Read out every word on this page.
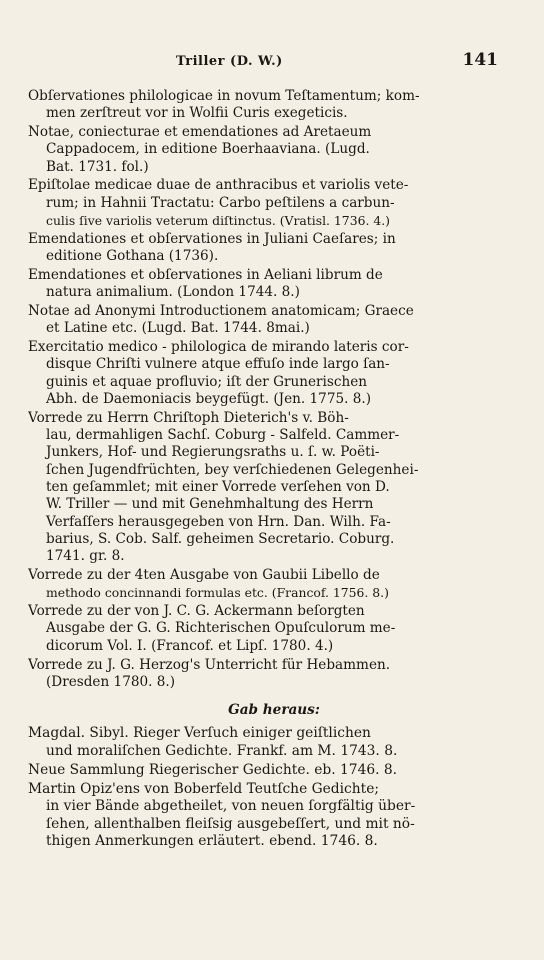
Triller (D. W.)	141
Obſervationes philologicae in novum Teſtamentum; kom-
men zerſtreut vor in Wolfii Curis exegeticis.
Notae, coniecturae et emendationes ad Aretaeum
Cappadocem, in editione Boerhaaviana. (Lugd.
Bat. 1731. fol.)
Epiſtolae medicae duae de anthracibus et variolis vete-
rum; in Hahnii Tractatu: Carbo peſtilens a carbun-
culis ſive variolis veterum diſtinctus. (Vratisl. 1736. 4.)
Emendationes et obſervationes in Juliani Caeſares; in
editione Gothana (1736).
Emendationes et obſervationes in Aeliani librum de
natura animalium. (London 1744. 8.)
Notae ad Anonymi Introductionem anatomicam; Graece
et Latine etc. (Lugd. Bat. 1744. 8mai.)
Exercitatio medico - philologica de mirando lateris cor-
disque Chriſti vulnere atque effuſo inde largo ſan-
guinis et aquae profluvio; iſt der Grunerischen
Abh. de Daemoniacis beygefügt. (Jen. 1775. 8.)
Vorrede zu Herrn Chriſtoph Dieterich's v. Böh-
lau, dermahligen Sachſ. Coburg - Salfeld. Cammer-
Junkers, Hof- und Regierungsraths u. ſ. w. Poëti-
ſchen Jugendfrüchten, bey verſchiedenen Gelegenhei-
ten geſammlet; mit einer Vorrede verſehen von D.
W. Triller — und mit Genehmhaltung des Herrn
Verfaſſers herausgegeben von Hrn. Dan. Wilh. Fa-
barius, S. Cob. Salf. geheimen Secretario. Coburg.
1741. gr. 8.
Vorrede zu der 4ten Ausgabe von Gaubii Libello de
methodo concinnandi formulas etc. (Francof. 1756. 8.)
Vorrede zu der von J. C. G. Ackermann beſorgten
Ausgabe der G. G. Richterischen Opuſculorum me-
dicorum Vol. I. (Francof. et Lipſ. 1780. 4.)
Vorrede zu J. G. Herzog's Unterricht für Hebammen.
(Dresden 1780. 8.)
Gab heraus:
Magdal. Sibyl. Rieger Verſuch einiger geiſtlichen
und moraliſchen Gedichte. Frankf. am M. 1743. 8.
Neue Sammlung Riegerischer Gedichte. eb. 1746. 8.
Martin Opiz'ens von Boberfeld Teutſche Gedichte;
in vier Bände abgetheilet, von neuen ſorgfältig über-
ſehen, allenthalben fleiſsig ausgebeſſert, und mit nö-
thigen Anmerkungen erläutert. ebend. 1746. 8.
